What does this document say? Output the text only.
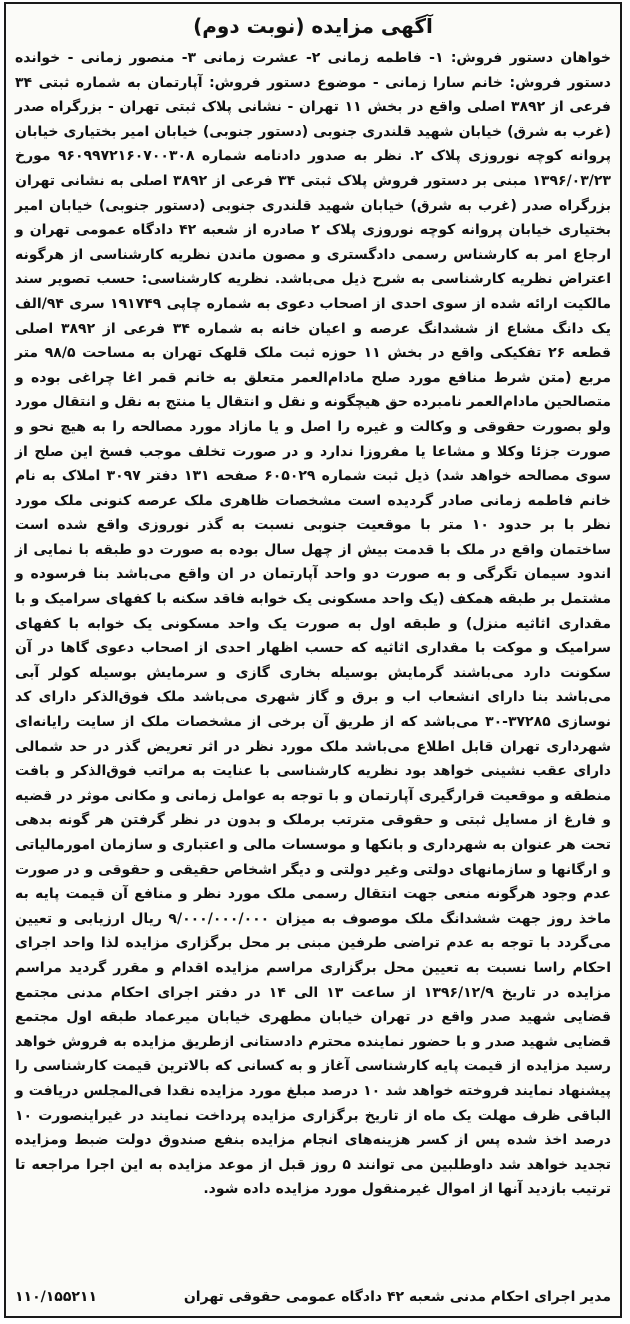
آگهی مزایده (نوبت دوم)

خواهان دستور فروش: ۱- فاطمه زمانی ۲- عشرت زمانی ۳- منصور زمانی - خوانده دستور فروش: خانم سارا زمانی - موضوع دستور فروش: آپارتمان به شماره ثبتی ۳۴ فرعی از ۳۸۹۲ اصلی واقع در بخش ۱۱ تهران - نشانی پلاک ثبتی تهران - بزرگراه صدر (غرب به شرق) خیابان شهید قلندری جنوبی (دستور جنوبی) خیابان امیر بختیاری خیابان پروانه کوچه نوروزی پلاک ۲. نظر به صدور دادنامه شماره ۹۶۰۹۹۷۲۱۶۰۷۰۰۳۰۸ مورخ ۱۳۹۶/۰۳/۲۳ مبنی بر دستور فروش پلاک ثبتی ۳۴ فرعی از ۳۸۹۲ اصلی به نشانی تهران بزرگراه صدر (غرب به شرق) خیابان شهید قلندری جنوبی (دستور جنوبی) خیابان امیر بختیاری خیابان پروانه کوچه نوروزی پلاک ۲ صادره از شعبه ۴۲ دادگاه عمومی تهران و ارجاع امر به کارشناس رسمی دادگستری و مصون ماندن نظریه کارشناسی از هرگونه اعتراض نظریه کارشناسی به شرح ذیل می‌باشد. نظریه کارشناسی: حسب تصویر سند مالکیت ارائه شده از سوی احدی از اصحاب دعوی به شماره چاپی ۱۹۱۷۴۹ سری ۹۴/الف یک دانگ مشاع از ششدانگ عرصه و اعیان خانه به شماره ۳۴ فرعی از ۳۸۹۲ اصلی قطعه ۲۶ تفکیکی واقع در بخش ۱۱ حوزه ثبت ملک قلهک تهران به مساحت ۹۸/۵ متر مربع (متن شرط منافع مورد صلح مادام‌العمر متعلق به خانم قمر اغا چراغی بوده و متصالحین مادام‌العمر نامبرده حق هیچگونه و نقل و انتقال یا منتج به نقل و انتقال مورد ولو بصورت حقوقی و وکالت و غیره را اصل و یا مازاد مورد مصالحه را به هیچ نحو و صورت جزئا وکلا و مشاعا یا مفروزا ندارد و در صورت تخلف موجب فسخ این صلح از سوی مصالحه خواهد شد) ذیل ثبت شماره ۶۰۵۰۲۹ صفحه ۱۳۱ دفتر ۳۰۹۷ املاک به نام خانم فاطمه زمانی صادر گردیده است مشخصات ظاهری ملک عرصه کنونی ملک مورد نظر با بر حدود ۱۰ متر با موقعیت جنوبی نسبت به گذر نوروزی واقع شده است ساختمان واقع در ملک با قدمت بیش از چهل سال بوده به صورت دو طبقه با نمایی از اندود سیمان تگرگی و به صورت دو واحد آپارتمان در ان واقع می‌باشد بنا فرسوده و مشتمل بر طبقه همکف (یک واحد مسکونی یک خوابه فاقد سکنه با کفهای سرامیک و با مقداری اثاثیه منزل) و طبقه اول به صورت یک واحد مسکونی یک خوابه با کفهای سرامیک و موکت با مقداری اثاثیه که حسب اظهار احدی از اصحاب دعوی گاها در آن سکونت دارد می‌باشند گرمایش بوسیله بخاری گازی و سرمایش بوسیله کولر آبی می‌باشد بنا دارای انشعاب اب و برق و گاز شهری می‌باشد ملک فوق‌الذکر دارای کد نوسازی ۳۷۲۸۵-۳۰ می‌باشد که از طریق آن برخی از مشخصات ملک از سایت رایانه‌ای شهرداری تهران قابل اطلاع می‌باشد ملک مورد نظر در اثر تعریض گذر در حد شمالی دارای عقب نشینی خواهد بود نظریه کارشناسی با عنایت به مراتب فوق‌الذکر و بافت منطقه و موقعیت قرارگیری آپارتمان و با توجه به عوامل زمانی و مکانی موثر در قضیه و فارغ از مسایل ثبتی و حقوقی مترتب برملک و بدون در نظر گرفتن هر گونه بدهی تحت هر عنوان به شهرداری و بانکها و موسسات مالی و اعتباری و سازمان امورمالیاتی و ارگانها و سازمانهای دولتی وغیر دولتی و دیگر اشخاص حقیقی و حقوقی و در صورت عدم وجود هرگونه منعی جهت انتقال رسمی ملک مورد نظر و منافع آن قیمت پایه به ماخذ روز جهت ششدانگ ملک موصوف به میزان ۹/۰۰۰/۰۰۰/۰۰۰ ریال ارزیابی و تعیین می‌گردد با توجه به عدم تراضی طرفین مبنی بر محل برگزاری مزایده لذا واحد اجرای احکام راسا نسبت به تعیین محل برگزاری مراسم مزایده اقدام و مقرر گردید مراسم مزایده در تاریخ ۱۳۹۶/۱۲/۹ از ساعت ۱۳ الی ۱۴ در دفتر اجرای احکام مدنی مجتمع قضایی شهید صدر واقع در تهران خیابان مطهری خیابان میرعماد طبقه اول مجتمع قضایی شهید صدر و با حضور نماینده محترم دادستانی ازطریق مزایده به فروش خواهد رسید مزایده از قیمت پایه کارشناسی آغاز و به کسانی که بالاترین قیمت کارشناسی را پیشنهاد نمایند فروخته خواهد شد ۱۰ درصد مبلغ مورد مزایده نقدا فی‌المجلس دریافت و الباقی ظرف مهلت یک ماه از تاریخ برگزاری مزایده پرداخت نمایند در غیراینصورت ۱۰ درصد اخذ شده پس از کسر هزینه‌های انجام مزایده بنفع صندوق دولت ضبط ومزایده تجدید خواهد شد داوطلبین می توانند ۵ روز قبل از موعد مزایده به این اجرا مراجعه تا ترتیب بازدید آنها از اموال غیرمنقول مورد مزایده داده شود.

مدیر اجرای احکام مدنی شعبه ۴۲ دادگاه عمومی حقوقی تهران
۱۱۰/۱۵۵۲۱۱
